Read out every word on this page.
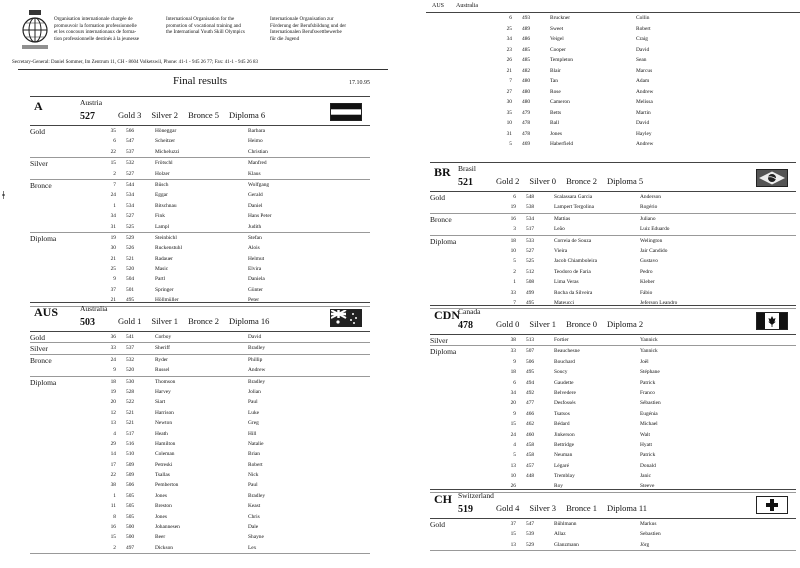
Organisation internationale chargée de
promouvoir la formation professionnelle
et les concours internationaux de forma-
tion professionnelle destinés à la jeunesse
International Organisation for the
promotion of vocational training and
the International Youth Skill Olympics
Internationale Organisation zur
Förderung der Berufsbildung und der
Internationalen Berufswettbewerbe
für die Jugend
Secretary-General: Daniel Sommer, Im Zentrum 11, CH - 8604 Volketswil, Phone: 41-1 - 945 26 77; Fax: 41-1 - 945 26 83
Final results	17.10.95
A	Austria
527	Gold 3 Silver 2 Bronce 5 Diploma 6
Gold	35 566	Höneggar	Barbara
6 547	Scheitzer	Heimo
22 537	Micheluzzi	Christian
Silver	15 532	Frötschl	Manfred
2 527	Holzer	Klaus
Bronce	7 544	Büsch	Wolfgang
24 534	Eggar	Gerald
1 534	Bitschnau	Daniel
34 527	Fink	Hans Peter
31 525	Lampl	Judith
Diploma	19 529	Steinbichl	Stefan
30 526	Ruckenstuhl	Alois
21 521	Radauer	Helmut
25 520	Masic	Elvira
9 504	Partl	Daniela
37 501	Springer	Günter
21 495	Höllmüller	Peter
AUS	Australia
503	Gold 1 Silver 1 Bronce 2 Diploma 16
Gold	36 541	Corboy	David
Silver	33 537	Sheriff	Bradley
Bronce	24 532	Ryder	Phillip
9 520	Russel	Andrew
Diploma	18 530	Thomson	Bradley
19 528	Harvey	Jolian
20 522	Siart	Paul
12 521	Harrison	Luke
13 521	Newton	Greg
4 517	Heath	Hill
29 516	Hamilton	Natalie
14 510	Coleman	Brian
17 509	Petreski	Robert
22 509	Tsallas	Nick
38 506	Pemberton	Paul
1 505	Jones	Bradley
11 505	Breston	Keast
8 505	Jones	Chris
16 500	Johannesen	Dale
15 500	Beer	Shayne
2 497	Dickson	Lex
ǂ
AUS Australia
6 493	Bruckner	Collin
25 489	Sweet	Robert
34 486	Veigel	Craig
23 485	Cooper	David
26 485	Templeton	Sean
21 482	Blair	Marcus
7 480	Tan	Adam
27 480	Rose	Andrew
30 480	Cameron	Melissa
35 479	Betts	Martin
10 478	Ball	David
31 478	Jones	Hayley
5 469	Haberfield	Andrew
BR Brasil
521	Gold 2 Silver 0 Bronce 2 Diploma 5
Gold	6 548	Scalassara Garcia	Anderson
19 538	Lampert Tergolina	Rogério
Bronce	16 534	Mattias	Juliano
3 517	Leão	Luiz Eduardo
Diploma	18 533	Correia de Souza	Welington
10 527	Vieira	Jair Candido
5 525	Jacob Chiamboleira	Gustavo
2 512	Teodoro de Faria	Pedro
1 508	Lima Veras	Kleber
33 499	Rocha da Silveira	Fábio
7 495	Mateucci	Jeferson Leandro
CDN
Canada
478	Gold 0 Silver 1 Bronce 0 Diploma 2
Silver	38 513	Fortier	Yannick
Diploma	33 507	Beauchesne	Yannick
9 506	Bouchard	Joël
18 495	Soucy	Stéphane
6 494	Gaudette	Patrick
34 492	Belvedere	Franco
20 477	Desfossés	Sébastien
9 466	Tsatsos	Eugénia
15 462	Bédard	Michael
24 460	Jinkerson	Walt
4 458	Bettridge	Hyatt
5 458	Neuman	Patrick
13 457	Légaré	Donald
10 448	Tremblay	Janic
26	Roy	Steeve
CH Switzerland
519	Gold 4 Silver 3 Bronce 1 Diploma 11
Gold	37 547	Bühlmann	Markus
15 539	Allaz	Sebastien
13 529	Glanzmann	Jörg
